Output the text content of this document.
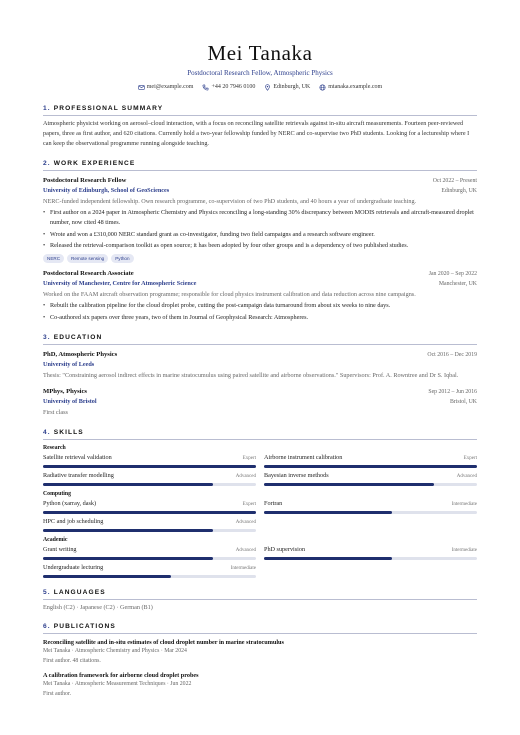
Mei Tanaka
Postdoctoral Research Fellow, Atmospheric Physics
mei@example.com	+44 20 7946 0100	Edinburgh, UK	mtanaka.example.com
1. PROFESSIONAL SUMMARY
Atmospheric physicist working on aerosol–cloud interaction, with a focus on reconciling satellite retrievals against in-situ aircraft measurements. Fourteen peer-reviewed papers, three as first author, and 620 citations. Currently hold a two-year fellowship funded by NERC and co-supervise two PhD students. Looking for a lectureship where I can keep the observational programme running alongside teaching.
2. WORK EXPERIENCE
Postdoctoral Research Fellow	Oct 2022 – Present
University of Edinburgh, School of GeoSciences	Edinburgh, UK
NERC-funded independent fellowship. Own research programme, co-supervision of two PhD students, and 40 hours a year of undergraduate teaching.
• First author on a 2024 paper in Atmospheric Chemistry and Physics reconciling a long-standing 30% discrepancy between MODIS retrievals and aircraft-measured droplet number, now cited 48 times.
• Wrote and won a £310,000 NERC standard grant as co-investigator, funding two field campaigns and a research software engineer.
• Released the retrieval-comparison toolkit as open source; it has been adopted by four other groups and is a dependency of two published studies.
NERC	Remote sensing	Python
Postdoctoral Research Associate	Jan 2020 – Sep 2022
University of Manchester, Centre for Atmospheric Science	Manchester, UK
Worked on the FAAM aircraft observation programme; responsible for cloud physics instrument calibration and data reduction across nine campaigns.
• Rebuilt the calibration pipeline for the cloud droplet probe, cutting the post-campaign data turnaround from about six weeks to nine days.
• Co-authored six papers over three years, two of them in Journal of Geophysical Research: Atmospheres.
3. EDUCATION
PhD, Atmospheric Physics	Oct 2016 – Dec 2019
University of Leeds
Thesis: "Constraining aerosol indirect effects in marine stratocumulus using paired satellite and airborne observations." Supervisors: Prof. A. Rowntree and Dr S. Iqbal.
MPhys, Physics	Sep 2012 – Jun 2016
University of Bristol	Bristol, UK
First class
4. SKILLS
Research
Satellite retrieval validation	Expert Airborne instrument calibration	Expert
Radiative transfer modelling	Advanced Bayesian inverse methods	Advanced
Computing
Python (xarray, dask)	Expert Fortran	Intermediate
HPC and job scheduling	Advanced
Academic
Grant writing	Advanced PhD supervision	Intermediate
Undergraduate lecturing	Intermediate
5. LANGUAGES
English (C2) · Japanese (C2) · German (B1)
6. PUBLICATIONS
Reconciling satellite and in-situ estimates of cloud droplet number in marine stratocumulus
Mei Tanaka · Atmospheric Chemistry and Physics · Mar 2024
First author. 48 citations.
A calibration framework for airborne cloud droplet probes
Mei Tanaka · Atmospheric Measurement Techniques · Jun 2022
First author.
